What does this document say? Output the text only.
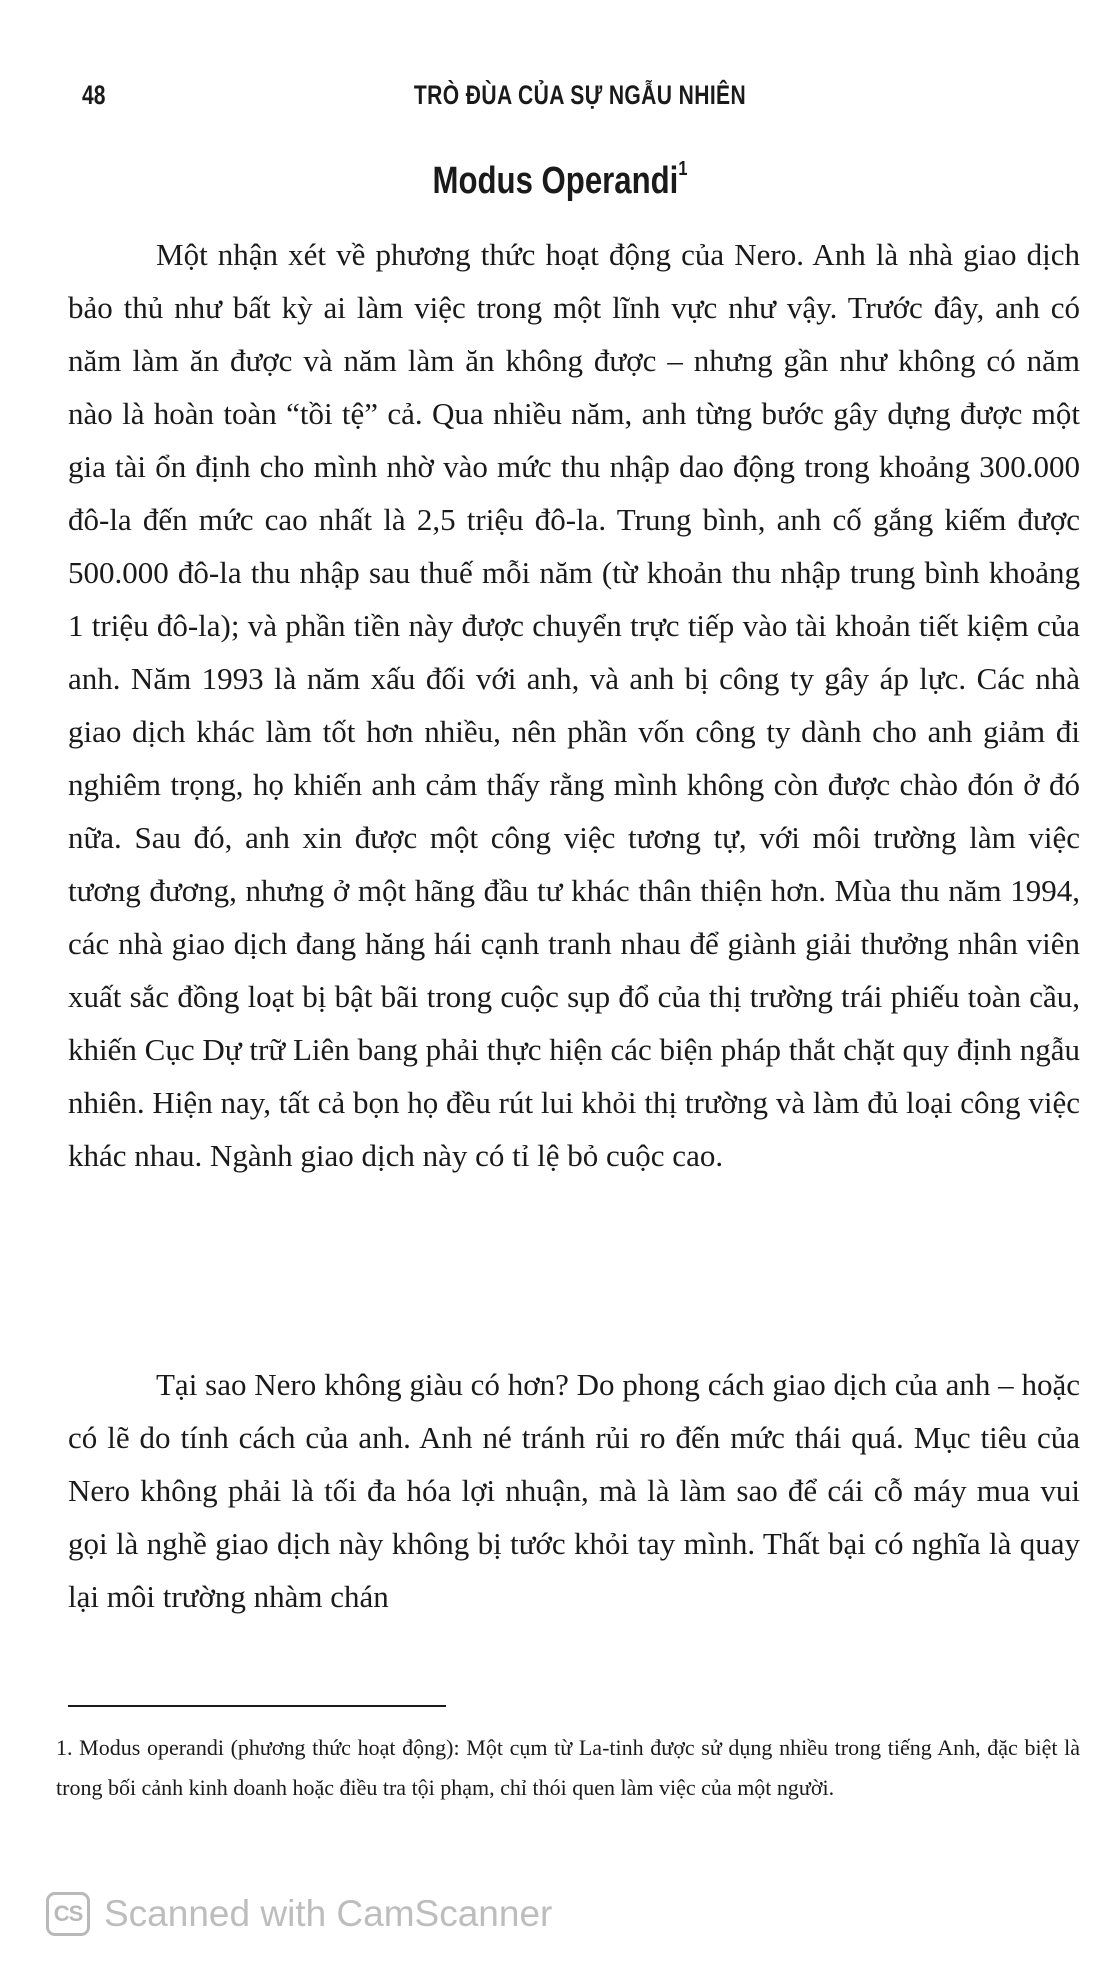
48	TRÒ ĐÙA CỦA SỰ NGẪU NHIÊN
Modus Operandi$^1$

Một nhận xét về phương thức hoạt động của Nero. Anh là nhà giao dịch bảo thủ như bất kỳ ai làm việc trong một lĩnh vực như vậy. Trước đây, anh có năm làm ăn được và năm làm ăn không được – nhưng gần như không có năm nào là hoàn toàn “tồi tệ” cả. Qua nhiều năm, anh từng bước gây dựng được một gia tài ổn định cho mình nhờ vào mức thu nhập dao động trong khoảng 300.000 đô-la đến mức cao nhất là 2,5 triệu đô-la. Trung bình, anh cố gắng kiếm được 500.000 đô-la thu nhập sau thuế mỗi năm (từ khoản thu nhập trung bình khoảng 1 triệu đô-la); và phần tiền này được chuyển trực tiếp vào tài khoản tiết kiệm của anh. Năm 1993 là năm xấu đối với anh, và anh bị công ty gây áp lực. Các nhà giao dịch khác làm tốt hơn nhiều, nên phần vốn công ty dành cho anh giảm đi nghiêm trọng, họ khiến anh cảm thấy rằng mình không còn được chào đón ở đó nữa. Sau đó, anh xin được một công việc tương tự, với môi trường làm việc tương đương, nhưng ở một hãng đầu tư khác thân thiện hơn. Mùa thu năm 1994, các nhà giao dịch đang hăng hái cạnh tranh nhau để giành giải thưởng nhân viên xuất sắc đồng loạt bị bật bãi trong cuộc sụp đổ của thị trường trái phiếu toàn cầu, khiến Cục Dự trữ Liên bang phải thực hiện các biện pháp thắt chặt quy định ngẫu nhiên. Hiện nay, tất cả bọn họ đều rút lui khỏi thị trường và làm đủ loại công việc khác nhau. Ngành giao dịch này có tỉ lệ bỏ cuộc cao.

Tại sao Nero không giàu có hơn? Do phong cách giao dịch của anh – hoặc có lẽ do tính cách của anh. Anh né tránh rủi ro đến mức thái quá. Mục tiêu của Nero không phải là tối đa hóa lợi nhuận, mà là làm sao để cái cỗ máy mua vui gọi là nghề giao dịch này không bị tước khỏi tay mình. Thất bại có nghĩa là quay lại môi trường nhàm chán

1. Modus operandi (phương thức hoạt động): Một cụm từ La-tinh được sử dụng nhiều trong tiếng Anh, đặc biệt là trong bối cảnh kinh doanh hoặc điều tra tội phạm, chỉ thói quen làm việc của một người.

CS Scanned with CamScanner
